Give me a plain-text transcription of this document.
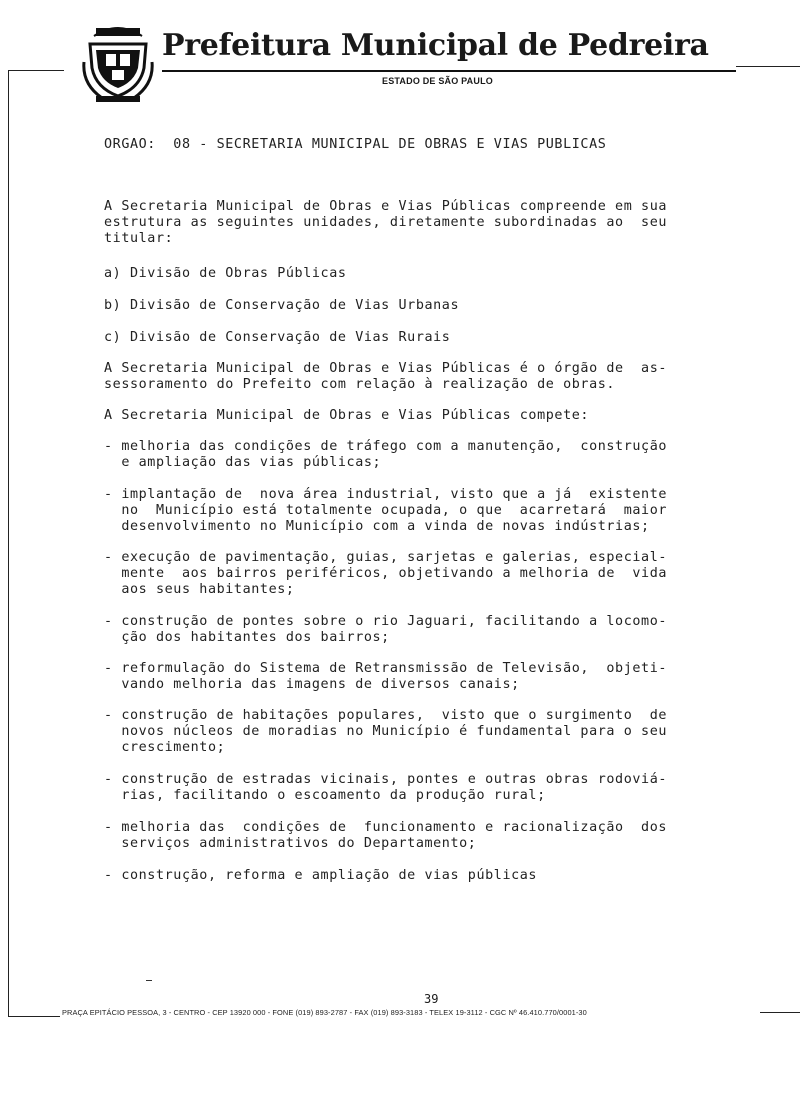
Prefeitura Municipal de Pedreira
ESTADO DE SÃO PAULO
ORGAO:  08 - SECRETARIA MUNICIPAL DE OBRAS E VIAS PUBLICAS
A Secretaria Municipal de Obras e Vias Públicas compreende em sua
estrutura as seguintes unidades, diretamente subordinadas ao  seu
titular:
a) Divisão de Obras Públicas
b) Divisão de Conservação de Vias Urbanas
c) Divisão de Conservação de Vias Rurais
A Secretaria Municipal de Obras e Vias Públicas é o órgão de  as-
sessoramento do Prefeito com relação à realização de obras.
A Secretaria Municipal de Obras e Vias Públicas compete:
- melhoria das condições de tráfego com a manutenção,  construção
e ampliação das vias públicas;
- implantação de  nova área industrial, visto que a já  existente
no  Município está totalmente ocupada, o que  acarretará  maior
desenvolvimento no Município com a vinda de novas indústrias;
- execução de pavimentação, guias, sarjetas e galerias, especial-
mente  aos bairros periféricos, objetivando a melhoria de  vida
aos seus habitantes;
- construção de pontes sobre o rio Jaguari, facilitando a locomo-
ção dos habitantes dos bairros;
- reformulação do Sistema de Retransmissão de Televisão,  objeti-
vando melhoria das imagens de diversos canais;
- construção de habitações populares,  visto que o surgimento  de
novos núcleos de moradias no Município é fundamental para o seu
crescimento;
- construção de estradas vicinais, pontes e outras obras rodoviá-
rias, facilitando o escoamento da produção rural;
- melhoria das  condições de  funcionamento e racionalização  dos
serviços administrativos do Departamento;
- construção, reforma e ampliação de vias públicas
39
PRAÇA EPITÁCIO PESSOA, 3 - CENTRO - CEP 13920 000 - FONE (019) 893-2787 - FAX (019) 893-3183 - TELEX 19-3112 - CGC Nº 46.410.770/0001-30
